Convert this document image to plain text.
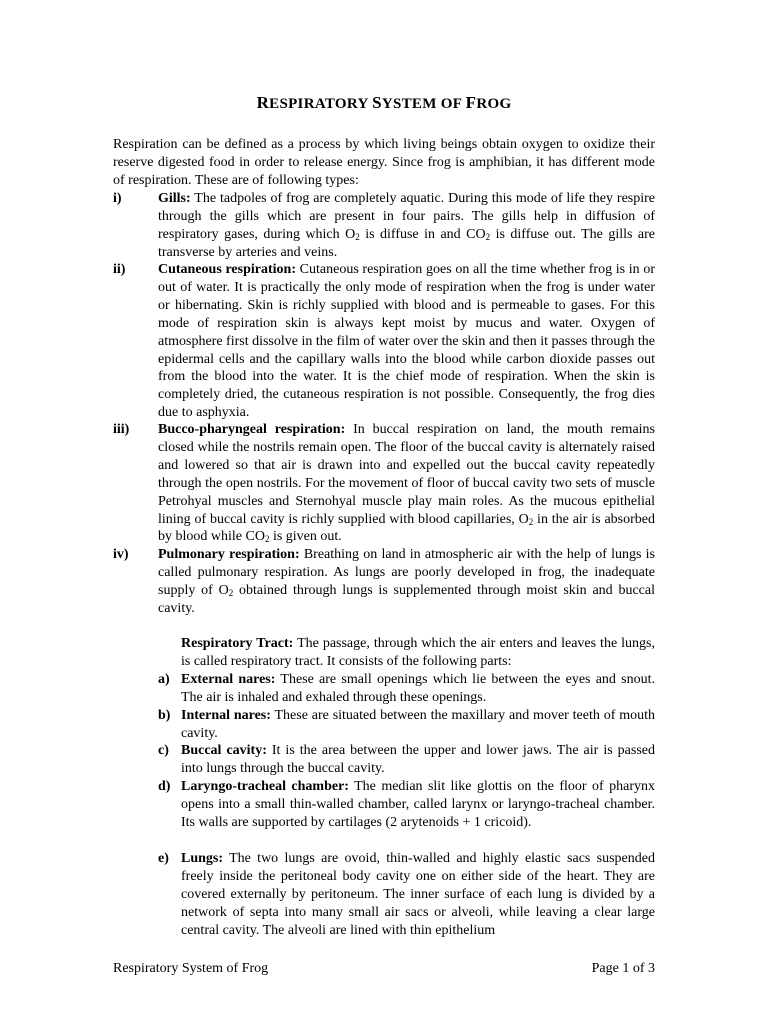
RESPIRATORY SYSTEM OF FROG

Respiration can be defined as a process by which living beings obtain oxygen to oxidize their reserve digested food in order to release energy. Since frog is amphibian, it has different mode of respiration. These are of following types:

i)	Gills: The tadpoles of frog are completely aquatic. During this mode of life they respire through the gills which are present in four pairs. The gills help in diffusion of respiratory gases, during which $O_2$ is diffuse in and $CO_2$ is diffuse out. The gills are transverse by arteries and veins.

ii) Cutaneous respiration: Cutaneous respiration goes on all the time whether frog is in or out of water. It is practically the only mode of respiration when the frog is under water or hibernating. Skin is richly supplied with blood and is permeable to gases. For this mode of respiration skin is always kept moist by mucus and water. Oxygen of atmosphere first dissolve in the film of water over the skin and then it passes through the epidermal cells and the capillary walls into the blood while carbon dioxide passes out from the blood into the water. It is the chief mode of respiration. When the skin is completely dried, the cutaneous respiration is not possible. Consequently, the frog dies due to asphyxia.

iii) Bucco-pharyngeal respiration: In buccal respiration on land, the mouth remains closed while the nostrils remain open. The floor of the buccal cavity is alternately raised and lowered so that air is drawn into and expelled out the buccal cavity repeatedly through the open nostrils. For the movement of floor of buccal cavity two sets of muscle Petrohyal muscles and Sternohyal muscle play main roles. As the mucous epithelial lining of buccal cavity is richly supplied with blood capillaries, $O_2$ in the air is absorbed by blood while $CO_2$ is given out.

iv) Pulmonary respiration: Breathing on land in atmospheric air with the help of lungs is called pulmonary respiration. As lungs are poorly developed in frog, the inadequate supply of $O_2$ obtained through lungs is supplemented through moist skin and buccal cavity.

Respiratory Tract: The passage, through which the air enters and leaves the lungs, is called respiratory tract. It consists of the following parts:

a) External nares: These are small openings which lie between the eyes and snout. The air is inhaled and exhaled through these openings.

b) Internal nares: These are situated between the maxillary and mover teeth of mouth cavity.

c) Buccal cavity: It is the area between the upper and lower jaws. The air is passed into lungs through the buccal cavity.

d) Laryngo-tracheal chamber: The median slit like glottis on the floor of pharynx opens into a small thin-walled chamber, called larynx or laryngo-tracheal chamber. Its walls are supported by cartilages (2 arytenoids + 1 cricoid).

e) Lungs: The two lungs are ovoid, thin-walled and highly elastic sacs suspended freely inside the peritoneal body cavity one on either side of the heart. They are covered externally by peritoneum. The inner surface of each lung is divided by a network of septa into many small air sacs or alveoli, while leaving a clear large central cavity. The alveoli are lined with thin epithelium

Respiratory System of Frog	Page 1 of 3
